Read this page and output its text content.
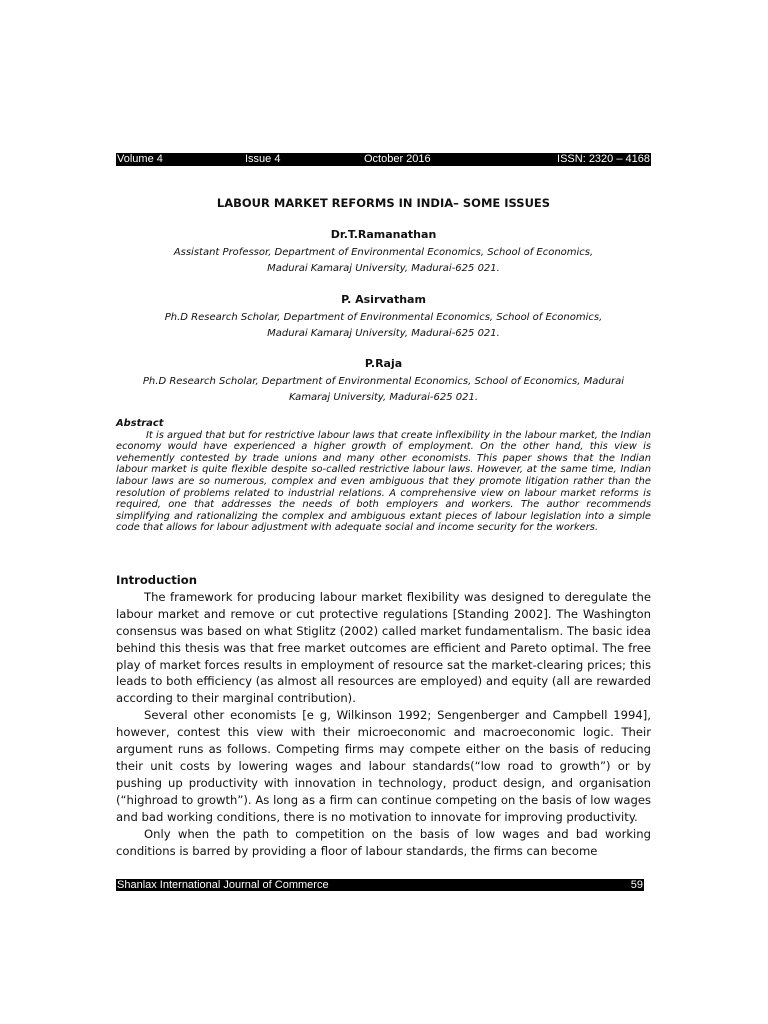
Volume 4	Issue 4	October 2016	ISSN: 2320 – 4168
LABOUR MARKET REFORMS IN INDIA– SOME ISSUES
Dr.T.Ramanathan
Assistant Professor, Department of Environmental Economics, School of Economics,
Madurai Kamaraj University, Madurai-625 021.
P. Asirvatham
Ph.D Research Scholar, Department of Environmental Economics, School of Economics,
Madurai Kamaraj University, Madurai-625 021.
P.Raja
Ph.D Research Scholar, Department of Environmental Economics, School of Economics, Madurai
Kamaraj University, Madurai-625 021.
Abstract

It is argued that but for restrictive labour laws that create inflexibility in the labour market, the Indian economy would have experienced a higher growth of employment. On the other hand, this view is vehemently contested by trade unions and many other economists. This paper shows that the Indian labour market is quite flexible despite so-called restrictive labour laws. However, at the same time, Indian labour laws are so numerous, complex and even ambiguous that they promote litigation rather than the resolution of problems related to industrial relations. A comprehensive view on labour market reforms is required, one that addresses the needs of both employers and workers. The author recommends simplifying and rationalizing the complex and ambiguous extant pieces of labour legislation into a simple code that allows for labour adjustment with adequate social and income security for the workers.

Introduction

The framework for producing labour market flexibility was designed to deregulate the labour market and remove or cut protective regulations [Standing 2002]. The Washington consensus was based on what Stiglitz (2002) called market fundamentalism. The basic idea behind this thesis was that free market outcomes are efficient and Pareto optimal. The free play of market forces results in employment of resource sat the market-clearing prices; this leads to both efficiency (as almost all resources are employed) and equity (all are rewarded according to their marginal contribution).

Several other economists [e g, Wilkinson 1992; Sengenberger and Campbell 1994], however, contest this view with their microeconomic and macroeconomic logic. Their argument runs as follows. Competing firms may compete either on the basis of reducing their unit costs by lowering wages and labour standards(“low road to growth”) or by pushing up productivity with innovation in technology, product design, and organisation (“highroad to growth”). As long as a firm can continue competing on the basis of low wages and bad working conditions, there is no motivation to innovate for improving productivity.

Only when the path to competition on the basis of low wages and bad working conditions is barred by providing a floor of labour standards, the firms can become

Shanlax International Journal of Commerce	59
